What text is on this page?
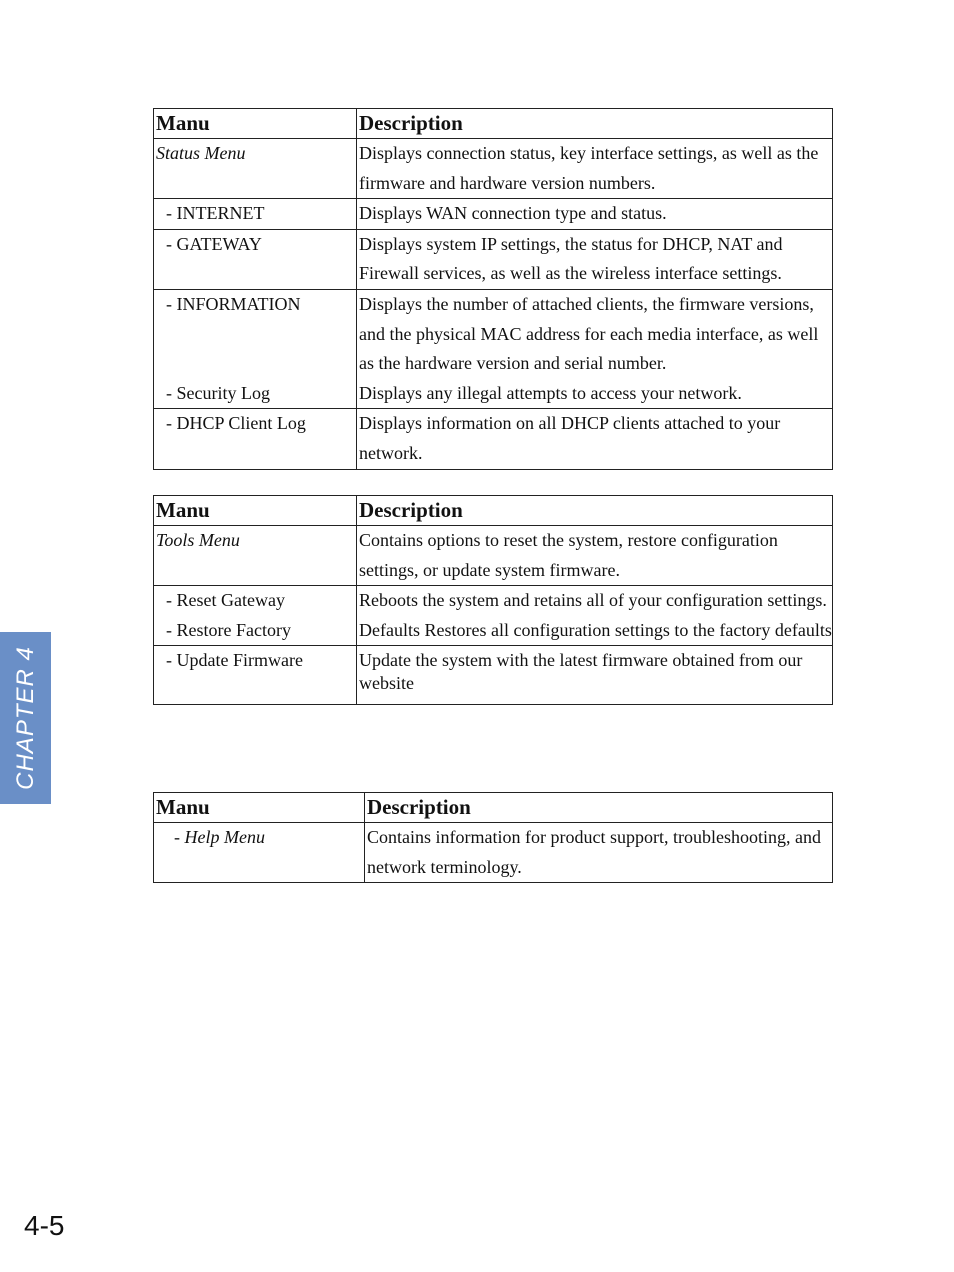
Manu	Description
Status Menu	Displays connection status, key interface settings, as well as the firmware and hardware version numbers.
- INTERNET	Displays WAN connection type and status.
- GATEWAY	Displays system IP settings, the status for DHCP, NAT and Firewall services, as well as the wireless interface settings.
- INFORMATION	Displays the number of attached clients, the firmware versions, and the physical MAC address for each media interface, as well as the hardware version and serial number.
- Security Log	Displays any illegal attempts to access your network.
- DHCP Client Log	Displays information on all DHCP clients attached to your network.
Manu	Description
Tools Menu	Contains options to reset the system, restore configuration settings, or update system firmware.
- Reset Gateway	Reboots the system and retains all of your configuration settings.
- Restore Factory	Defaults Restores all configuration settings to the factory defaults
- Update Firmware	Update the system with the latest firmware obtained from our website
Manu	Description
- Help Menu	Contains information for product support, troubleshooting, and network terminology.
CHAPTER 4
4-5
